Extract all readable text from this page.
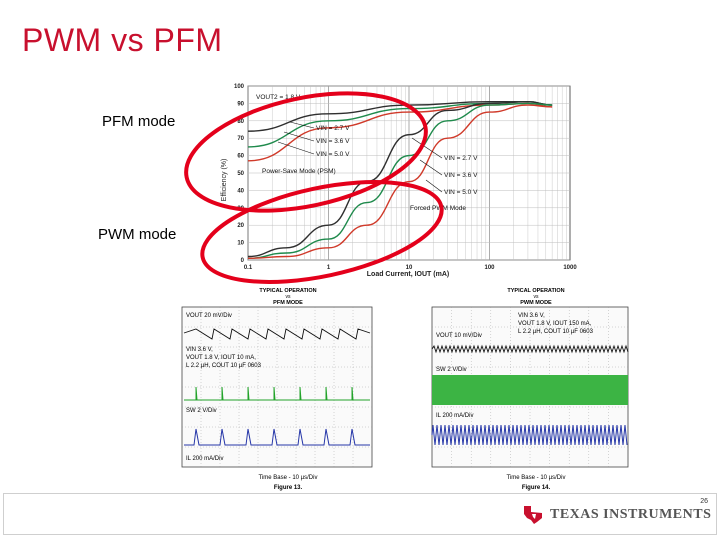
PWM vs PFM
0
10
20
30
40
50
60
70
80
90
100
0.1	1	10	100	1000
Efficiency (%)
Load Current, IOUT (mA)
VOUT2 = 1.8 V
VIN = 2.7 V
VIN = 3.6 V
VIN = 5.0 V
Power-Save Mode (PSM)
VIN = 2.7 V
VIN = 3.6 V
VIN = 5.0 V
Forced PWM Mode
PFM mode
PWM mode
TYPICAL OPERATION
vs
PFM MODE
VOUT 20 mV/Div
VIN 3.6 V,
VOUT 1.8 V, IOUT 10 mA,
L 2.2 µH, COUT 10 µF 0603
SW 2 V/Div
IL 200 mA/Div
Time Base - 10 µs/Div
Figure 13.
TYPICAL OPERATION
vs
PWM MODE
VIN 3.6 V,
VOUT 1.8 V, IOUT 150 mA,
L 2.2 µH, COUT 10 µF 0603
VOUT 10 mV/Div
SW 2 V/Div
IL 200 mA/Div
Time Base - 10 µs/Div
Figure 14.
26
TEXAS INSTRUMENTS
